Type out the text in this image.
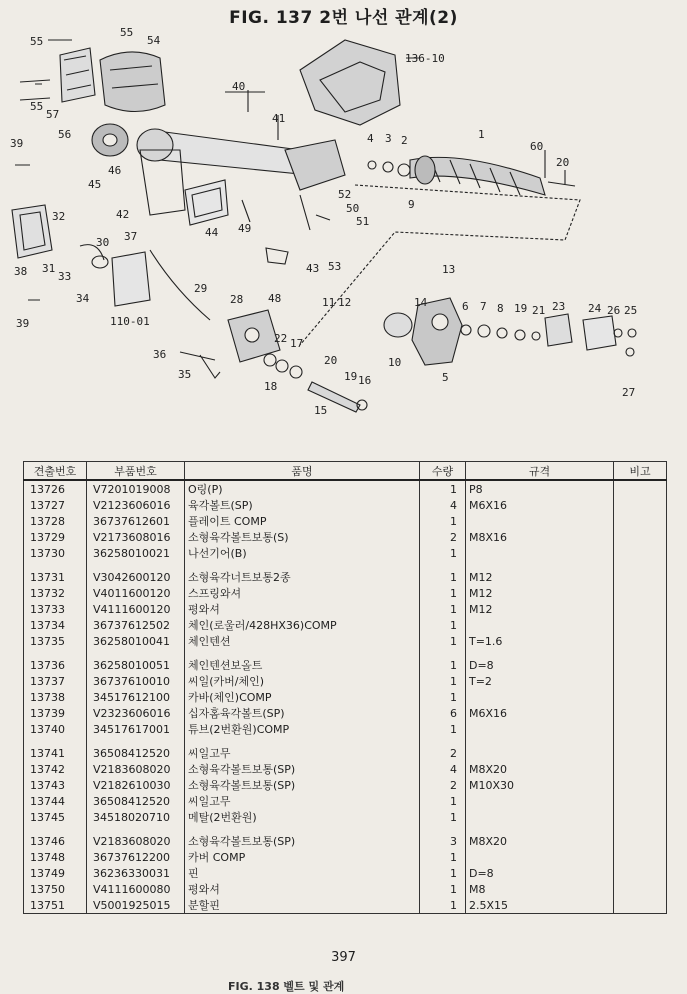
FIG. 137 2번 나선 관계(2)
55
55
54
55
57
56
40
41
136-10
39
45
46
42
4 3 2	1
60
20
9
52
50
51
44 49
43 53
32
30 37
31
33
38
34
39
48
13
14
11 12	6 7 8 19 21 23 24 26 25
27
10
5
29
28
110-01
22 17
36
35
18
20
19 16
15
견출번호	부품번호	품명	수량	규격	비고
13726	V7201019008	O링(P)	1	P8	
13727	V2123606016	육각볼트(SP)	4	M6X16	
13728	36737612601	플레이트 COMP	1		
13729	V2173608016	소형육각볼트보통(S)	2	M8X16	
13730	36258010021	나선기어(B)	1		

13731	V3042600120	소형육각너트보통2종	1	M12	
13732	V4011600120	스프링와셔	1	M12	
13733	V4111600120	평와셔	1	M12	
13734	36737612502	체인(로울러/428HX36)COMP	1		
13735	36258010041	체인텐션	1	T=1.6	

13736	36258010051	체인텐션보올트	1	D=8	
13737	36737610010	씨일(카버/체인)	1	T=2	
13738	34517612100	카바(체인)COMP	1		
13739	V2323606016	십자홈육각볼트(SP)	6	M6X16	
13740	34517617001	튜브(2번환원)COMP	1		

13741	36508412520	씨일고무	2		
13742	V2183608020	소형육각볼트보통(SP)	4	M8X20	
13743	V2182610030	소형육각볼트보통(SP)	2	M10X30	
13744	36508412520	씨일고무	1		
13745	34518020710	메탈(2번환원)	1		

13746	V2183608020	소형육각볼트보통(SP)	3	M8X20	
13748	36737612200	카버 COMP	1		
13749	36236330031	핀	1	D=8	
13750	V4111600080	평와셔	1	M8	
13751	V5001925015	분할핀	1	2.5X15	
397
FIG. 138 벨트 및 관계
